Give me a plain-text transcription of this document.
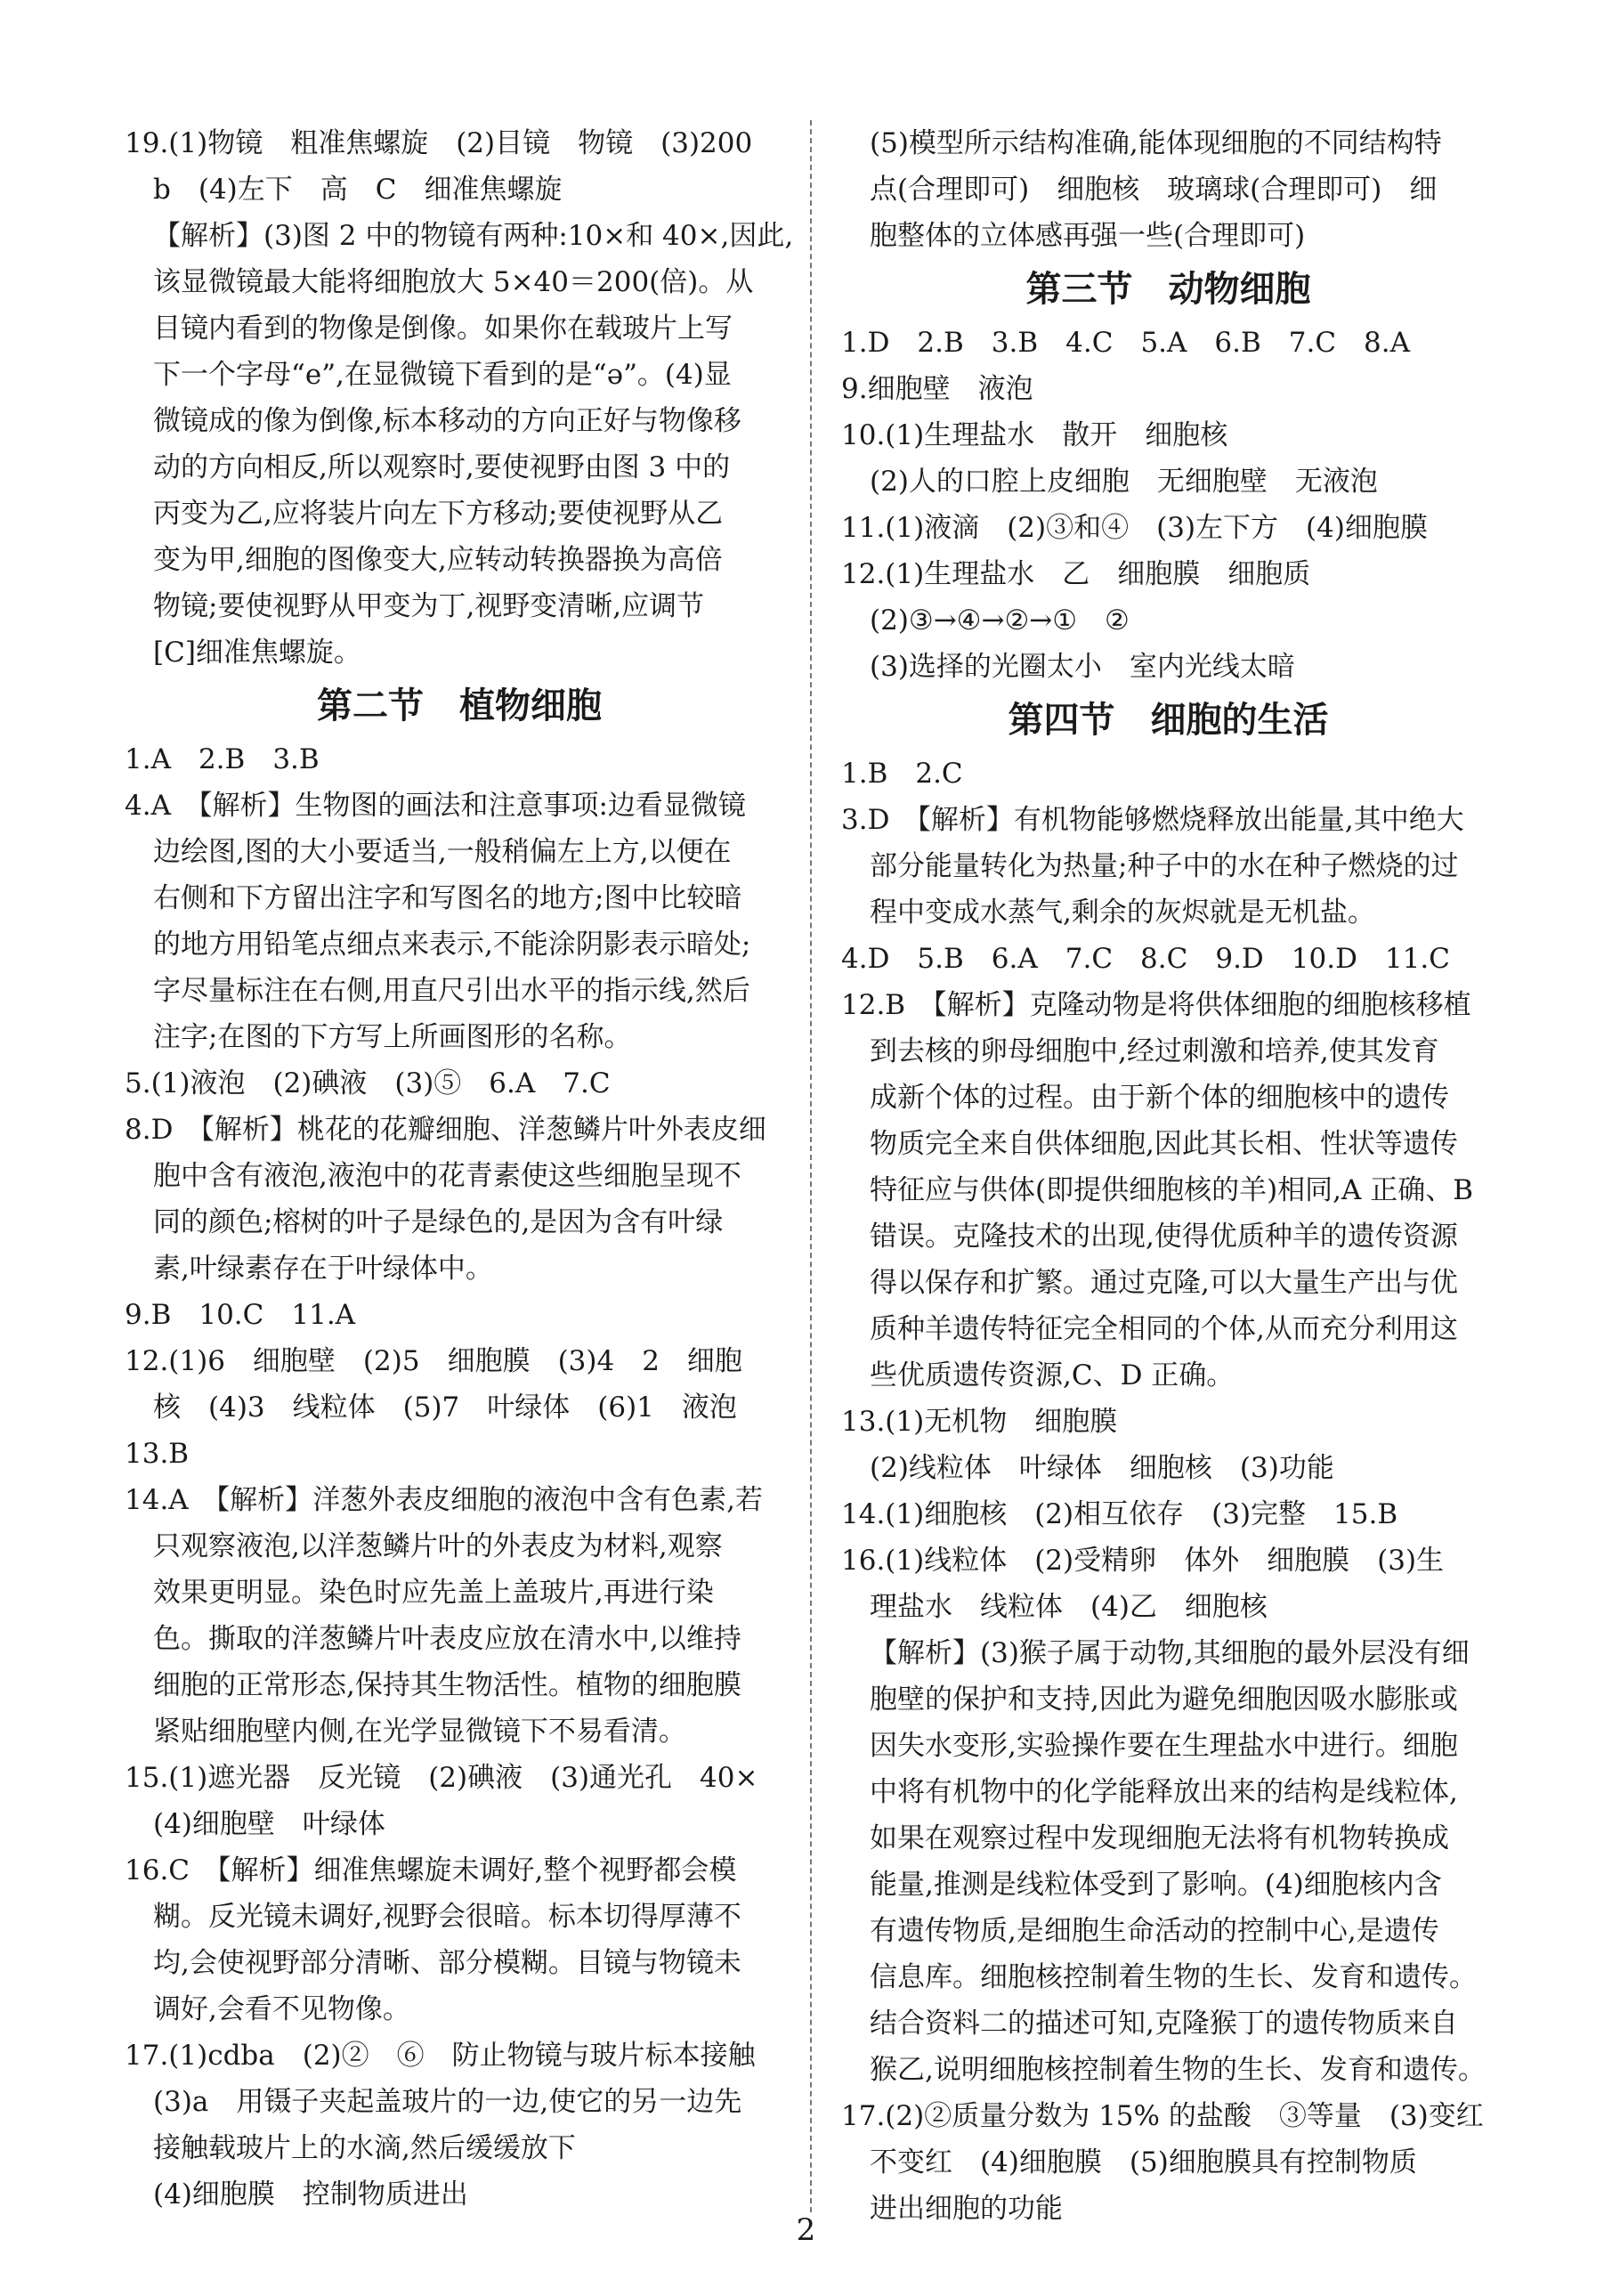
19.(1)物镜　粗准焦螺旋　(2)目镜　物镜　(3)200
b　(4)左下　高　C　细准焦螺旋
【解析】(3)图 2 中的物镜有两种:10×和 40×,因此,
该显微镜最大能将细胞放大 5×40＝200(倍)。从
目镜内看到的物像是倒像。如果你在载玻片上写
下一个字母“e”,在显微镜下看到的是“ə”。(4)显
微镜成的像为倒像,标本移动的方向正好与物像移
动的方向相反,所以观察时,要使视野由图 3 中的
丙变为乙,应将装片向左下方移动;要使视野从乙
变为甲,细胞的图像变大,应转动转换器换为高倍
物镜;要使视野从甲变为丁,视野变清晰,应调节
[C]细准焦螺旋。
第二节　植物细胞
1.A　2.B　3.B
4.A　【解析】生物图的画法和注意事项:边看显微镜
边绘图,图的大小要适当,一般稍偏左上方,以便在
右侧和下方留出注字和写图名的地方;图中比较暗
的地方用铅笔点细点来表示,不能涂阴影表示暗处;
字尽量标注在右侧,用直尺引出水平的指示线,然后
注字;在图的下方写上所画图形的名称。
5.(1)液泡　(2)碘液　(3)⑤　6.A　7.C
8.D　【解析】桃花的花瓣细胞、洋葱鳞片叶外表皮细
胞中含有液泡,液泡中的花青素使这些细胞呈现不
同的颜色;榕树的叶子是绿色的,是因为含有叶绿
素,叶绿素存在于叶绿体中。
9.B　10.C　11.A
12.(1)6　细胞壁　(2)5　细胞膜　(3)4　2　细胞
核　(4)3　线粒体　(5)7　叶绿体　(6)1　液泡
13.B
14.A　【解析】洋葱外表皮细胞的液泡中含有色素,若
只观察液泡,以洋葱鳞片叶的外表皮为材料,观察
效果更明显。染色时应先盖上盖玻片,再进行染
色。撕取的洋葱鳞片叶表皮应放在清水中,以维持
细胞的正常形态,保持其生物活性。植物的细胞膜
紧贴细胞壁内侧,在光学显微镜下不易看清。
15.(1)遮光器　反光镜　(2)碘液　(3)通光孔　40×
(4)细胞壁　叶绿体
16.C　【解析】细准焦螺旋未调好,整个视野都会模
糊。反光镜未调好,视野会很暗。标本切得厚薄不
均,会使视野部分清晰、部分模糊。目镜与物镜未
调好,会看不见物像。
17.(1)cdba　(2)②　⑥　防止物镜与玻片标本接触
(3)a　用镊子夹起盖玻片的一边,使它的另一边先
接触载玻片上的水滴,然后缓缓放下
(4)细胞膜　控制物质进出
(5)模型所示结构准确,能体现细胞的不同结构特
点(合理即可)　细胞核　玻璃球(合理即可)　细
胞整体的立体感再强一些(合理即可)
第三节　动物细胞
1.D　2.B　3.B　4.C　5.A　6.B　7.C　8.A
9.细胞壁　液泡
10.(1)生理盐水　散开　细胞核
(2)人的口腔上皮细胞　无细胞壁　无液泡
11.(1)液滴　(2)③和④　(3)左下方　(4)细胞膜
12.(1)生理盐水　乙　细胞膜　细胞质
(2)③→④→②→①　②
(3)选择的光圈太小　室内光线太暗
第四节　细胞的生活
1.B　2.C
3.D　【解析】有机物能够燃烧释放出能量,其中绝大
部分能量转化为热量;种子中的水在种子燃烧的过
程中变成水蒸气,剩余的灰烬就是无机盐。
4.D　5.B　6.A　7.C　8.C　9.D　10.D　11.C
12.B　【解析】克隆动物是将供体细胞的细胞核移植
到去核的卵母细胞中,经过刺激和培养,使其发育
成新个体的过程。由于新个体的细胞核中的遗传
物质完全来自供体细胞,因此其长相、性状等遗传
特征应与供体(即提供细胞核的羊)相同,A 正确、B
错误。克隆技术的出现,使得优质种羊的遗传资源
得以保存和扩繁。通过克隆,可以大量生产出与优
质种羊遗传特征完全相同的个体,从而充分利用这
些优质遗传资源,C、D 正确。
13.(1)无机物　细胞膜
(2)线粒体　叶绿体　细胞核　(3)功能
14.(1)细胞核　(2)相互依存　(3)完整　15.B
16.(1)线粒体　(2)受精卵　体外　细胞膜　(3)生
理盐水　线粒体　(4)乙　细胞核
【解析】(3)猴子属于动物,其细胞的最外层没有细
胞壁的保护和支持,因此为避免细胞因吸水膨胀或
因失水变形,实验操作要在生理盐水中进行。细胞
中将有机物中的化学能释放出来的结构是线粒体,
如果在观察过程中发现细胞无法将有机物转换成
能量,推测是线粒体受到了影响。(4)细胞核内含
有遗传物质,是细胞生命活动的控制中心,是遗传
信息库。细胞核控制着生物的生长、发育和遗传。
结合资料二的描述可知,克隆猴丁的遗传物质来自
猴乙,说明细胞核控制着生物的生长、发育和遗传。
17.(2)②质量分数为 15% 的盐酸　③等量　(3)变红
不变红　(4)细胞膜　(5)细胞膜具有控制物质
进出细胞的功能
2
